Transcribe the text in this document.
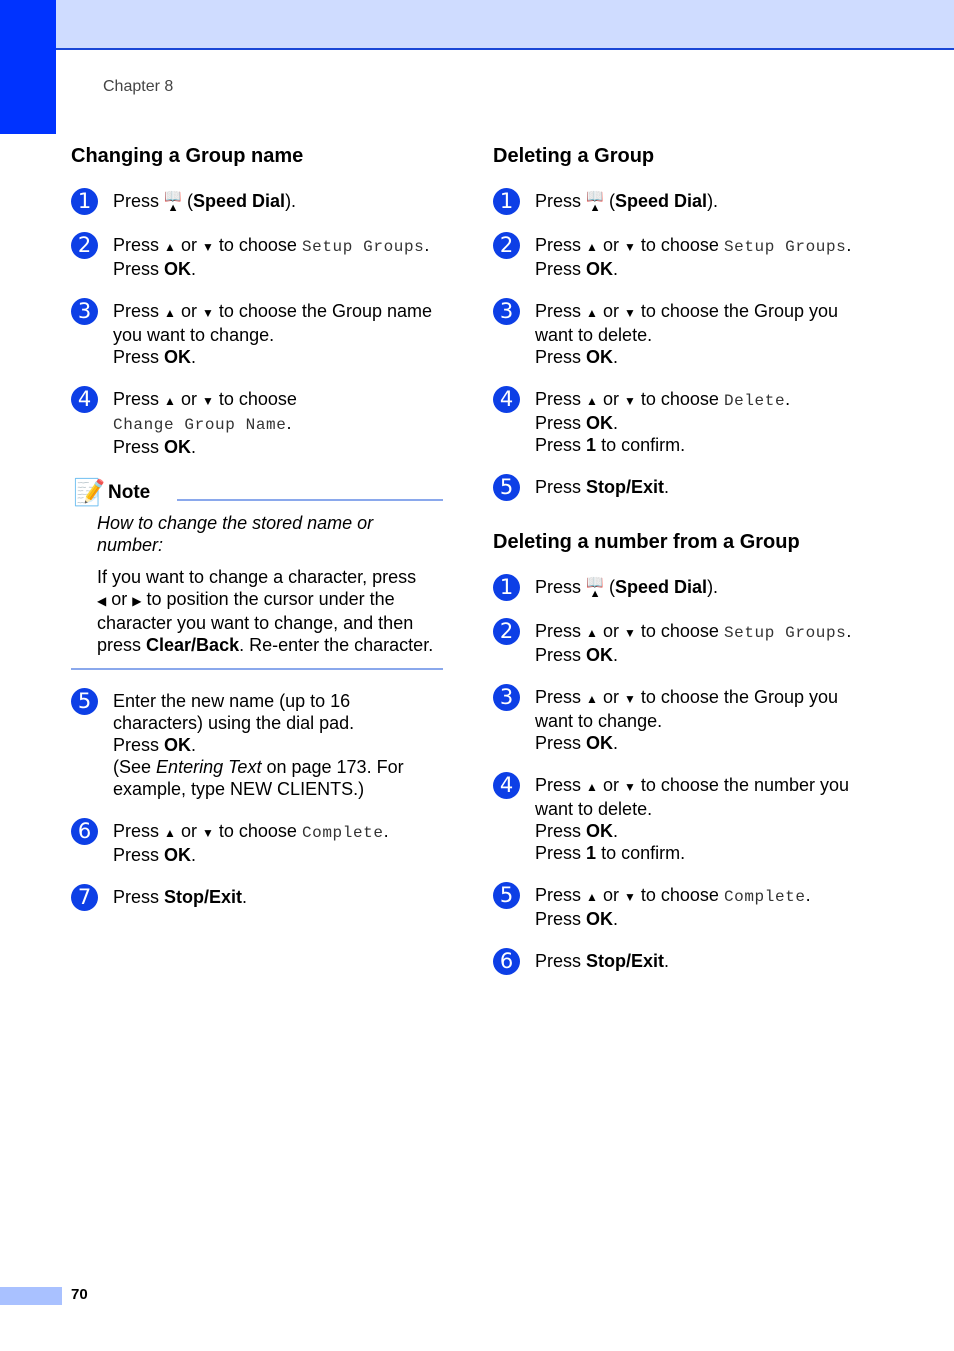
Chapter 8
Changing a Group name
1	Press 📖
▲ (Speed Dial).
2	Press ▲ or ▼ to choose Setup Groups.
Press OK.
3	Press ▲ or ▼ to choose the Group name you want to change.
Press OK.
4	Press ▲ or ▼ to choose
Change Group Name.
Press OK.
📝 Note

How to change the stored name or number:

If you want to change a character, press
◀ or ▶ to position the cursor under the character you want to change, and then press Clear/Back. Re-enter the character.

5	Enter the new name (up to 16 characters) using the dial pad.
Press OK.
(See Entering Text on page 173. For example, type NEW CLIENTS.)
6	Press ▲ or ▼ to choose Complete.
Press OK.
7	Press Stop/Exit.
Deleting a Group
1	Press 📖
▲ (Speed Dial).
2	Press ▲ or ▼ to choose Setup Groups.
Press OK.
3	Press ▲ or ▼ to choose the Group you want to delete.
Press OK.
4	Press ▲ or ▼ to choose Delete.
Press OK.
Press 1 to confirm.
5	Press Stop/Exit.
Deleting a number from a Group
1	Press 📖
▲ (Speed Dial).
2	Press ▲ or ▼ to choose Setup Groups.
Press OK.
3	Press ▲ or ▼ to choose the Group you want to change.
Press OK.
4	Press ▲ or ▼ to choose the number you want to delete.
Press OK.
Press 1 to confirm.
5	Press ▲ or ▼ to choose Complete.
Press OK.
6	Press Stop/Exit.
70
